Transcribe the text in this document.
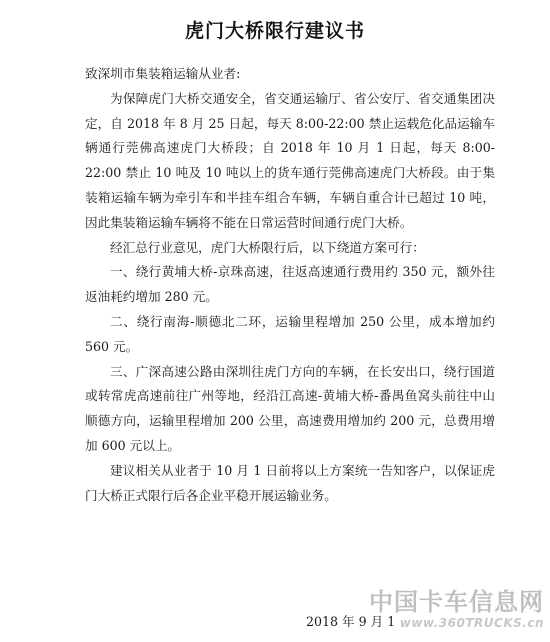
虎门大桥限行建议书

致深圳市集装箱运输从业者:

为保障虎门大桥交通安全，省交通运输厅、省公安厅、省交通集团决定，自 2018 年 8 月 25 日起，每天 8:00-22:00 禁止运载危化品运输车辆通行莞佛高速虎门大桥段；自 2018 年 10 月 1 日起，每天 8:00-22:00 禁止 10 吨及 10 吨以上的货车通行莞佛高速虎门大桥段。由于集装箱运输车辆为牵引车和半挂车组合车辆，车辆自重合计已超过 10 吨，因此集装箱运输车辆将不能在日常运营时间通行虎门大桥。

经汇总行业意见，虎门大桥限行后，以下绕道方案可行：

一、绕行黄埔大桥-京珠高速，往返高速通行费用约 350 元，额外往返油耗约增加 280 元。

二、绕行南海-顺德北二环，运输里程增加 250 公里，成本增加约 560 元。

三、广深高速公路由深圳往虎门方向的车辆，在长安出口，绕行国道或转常虎高速前往广州等地，经沿江高速-黄埔大桥-番禺鱼窝头前往中山顺德方向，运输里程增加 200 公里，高速费用增加约 200 元，总费用增加 600 元以上。

建议相关从业者于 10 月 1 日前将以上方案统一告知客户，以保证虎门大桥正式限行后各企业平稳开展运输业务。

2018 年 9 月 1
中国卡车信息网
www.360TRUCKS.cn
